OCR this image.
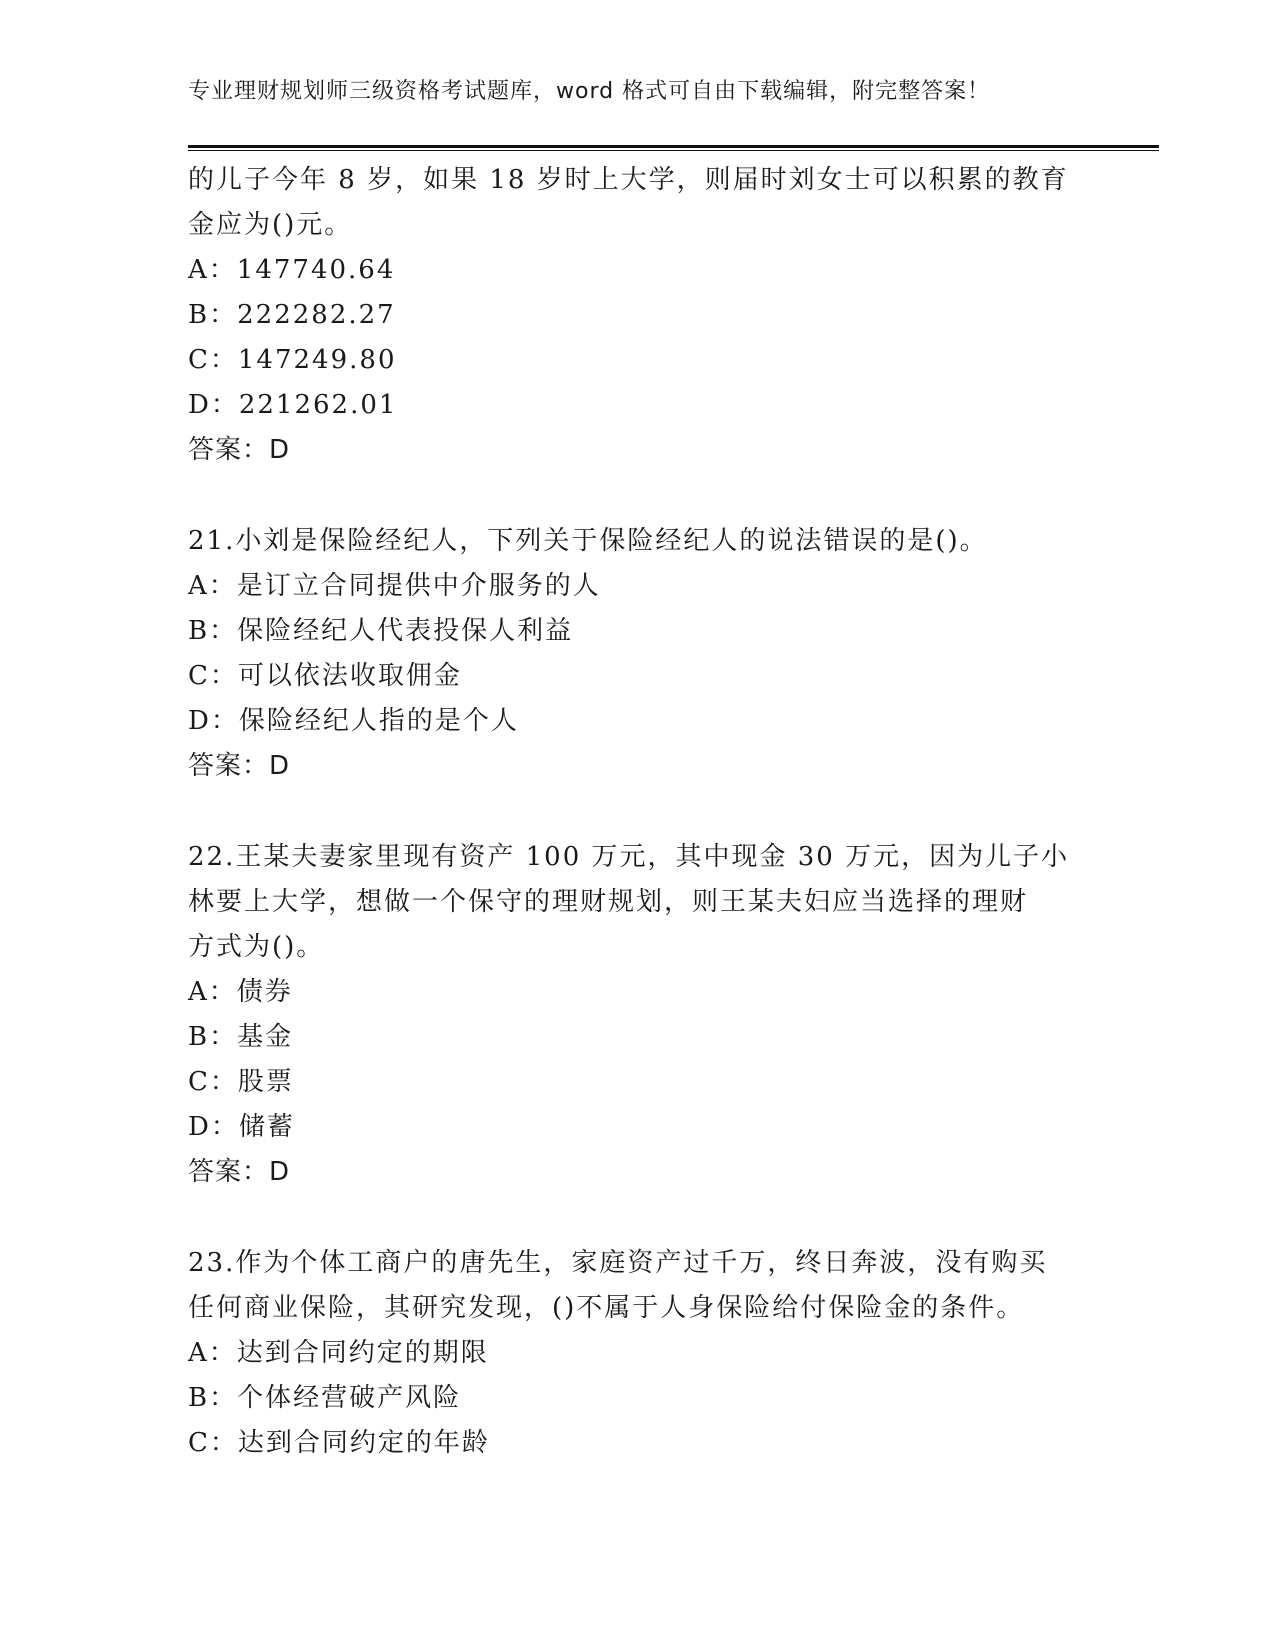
专业理财规划师三级资格考试题库，word 格式可自由下载编辑，附完整答案！
的儿子今年 8 岁，如果 18 岁时上大学，则届时刘女士可以积累的教育
金应为()元。
A：147740.64
B：222282.27
C：147249.80
D：221262.01
答案：D
21.小刘是保险经纪人，下列关于保险经纪人的说法错误的是()。
A：是订立合同提供中介服务的人
B：保险经纪人代表投保人利益
C：可以依法收取佣金
D：保险经纪人指的是个人
答案：D
22.王某夫妻家里现有资产 100 万元，其中现金 30 万元，因为儿子小
林要上大学，想做一个保守的理财规划，则王某夫妇应当选择的理财
方式为()。
A：债券
B：基金
C：股票
D：储蓄
答案：D
23.作为个体工商户的唐先生，家庭资产过千万，终日奔波，没有购买
任何商业保险，其研究发现，()不属于人身保险给付保险金的条件。
A：达到合同约定的期限
B：个体经营破产风险
C：达到合同约定的年龄
